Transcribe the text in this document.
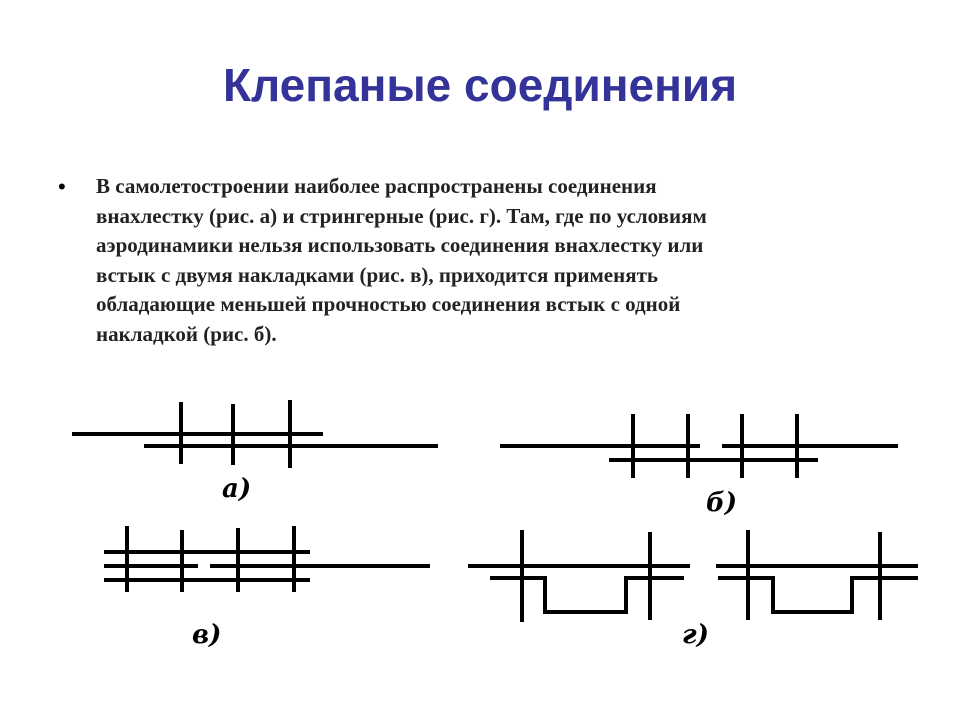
Клепаные соединения
• В самолетостроении наиболее распространены соединения
внахлестку (рис. а) и стрингерные (рис. г). Там, где по условиям
аэродинамики нельзя использовать соединения внахлестку или
встык с двумя накладками (рис. в), приходится применять
обладающие меньшей прочностью соединения встык с одной
накладкой (рис. б).
а)	б)
в)	г)
